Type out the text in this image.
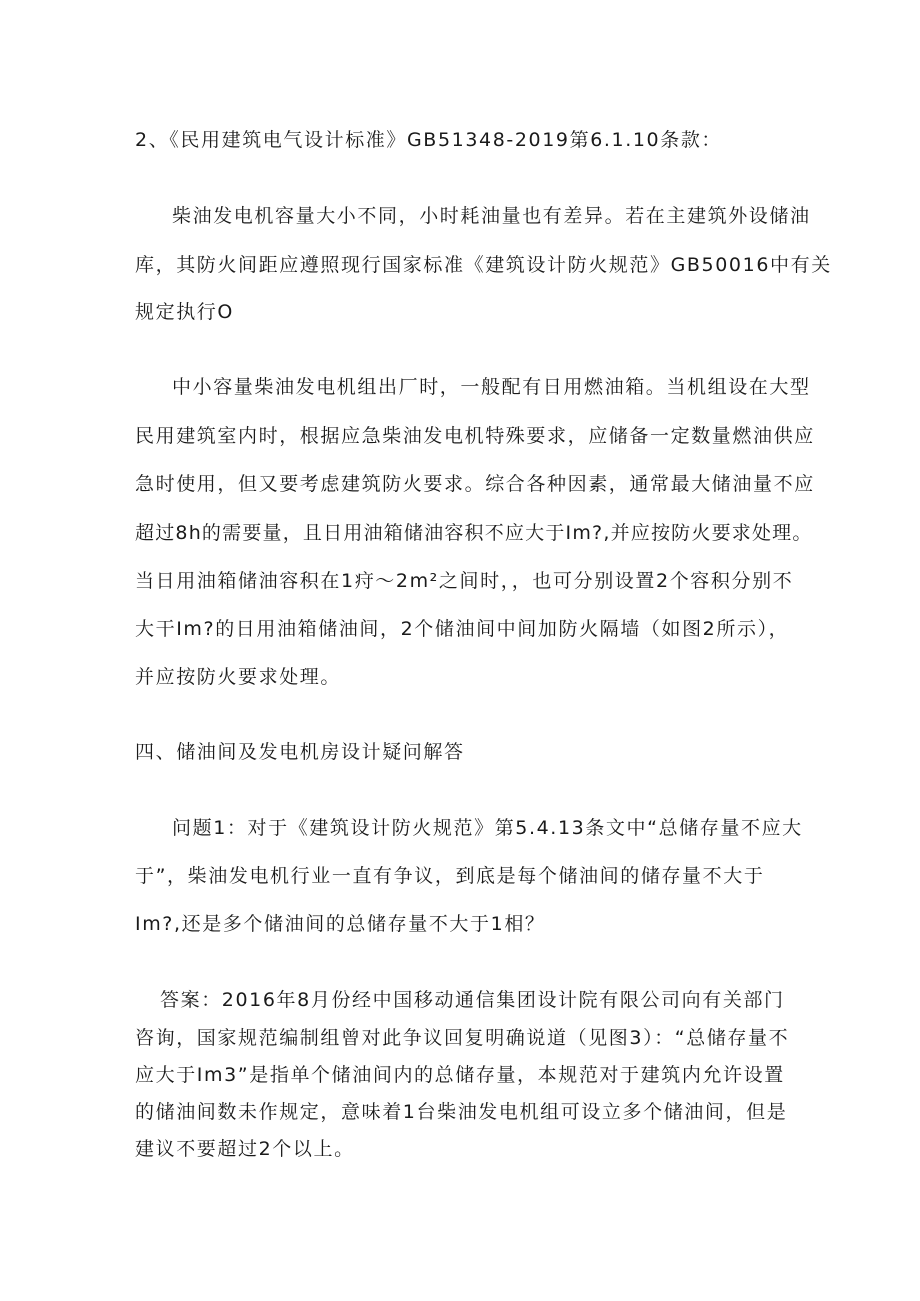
2、《民用建筑电气设计标准》GB51348-2019第6.1.10条款：
柴油发电机容量大小不同，小时耗油量也有差异。若在主建筑外设储油
库，其防火间距应遵照现行国家标准《建筑设计防火规范》GB50016中有关
规定执行O
中小容量柴油发电机组出厂时，一般配有日用燃油箱。当机组设在大型
民用建筑室内时，根据应急柴油发电机特殊要求，应储备一定数量燃油供应
急时使用，但又要考虑建筑防火要求。综合各种因素，通常最大储油量不应
超过8h的需要量，且日用油箱储油容积不应大于Im?,并应按防火要求处理。
当日用油箱储油容积在1疛～2m²之间时，，也可分别设置2个容积分别不
大干Im?的日用油箱储油间，2个储油间中间加防火隔墙（如图2所示），
并应按防火要求处理。
四、储油间及发电机房设计疑问解答
问题1：对于《建筑设计防火规范》第5.4.13条文中“总储存量不应大
于”，柴油发电机行业一直有争议，到底是每个储油间的储存量不大于
Im?,还是多个储油间的总储存量不大于1相？
答案：2016年8月份经中国移动通信集团设计院有限公司向有关部门
咨询，国家规范编制组曾对此争议回复明确说道（见图3）：“总储存量不
应大于Im3”是指单个储油间内的总储存量，本规范对于建筑内允许设置
的储油间数未作规定，意味着1台柴油发电机组可设立多个储油间，但是
建议不要超过2个以上。
